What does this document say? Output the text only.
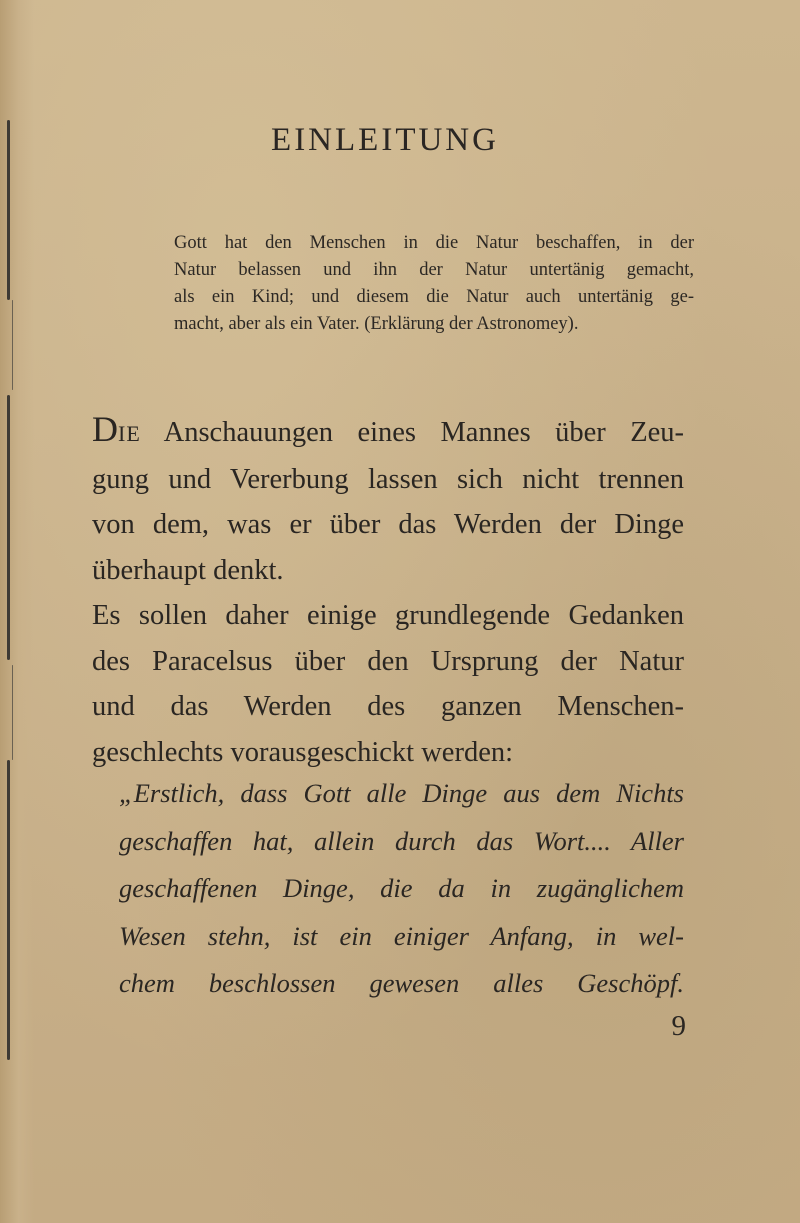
EINLEITUNG
Gott hat den Menschen in die Natur beschaffen, in der
Natur belassen und ihn der Natur untertänig gemacht,
als ein Kind; und diesem die Natur auch untertänig ge-
macht, aber als ein Vater. (Erklärung der Astronomey).
DIE Anschauungen eines Mannes über Zeu-
gung und Vererbung lassen sich nicht trennen
von dem, was er über das Werden der Dinge
überhaupt denkt.
Es sollen daher einige grundlegende Gedanken
des Paracelsus über den Ursprung der Natur
und das Werden des ganzen Menschen-
geschlechts vorausgeschickt werden:
„Erstlich, dass Gott alle Dinge aus dem Nichts
geschaffen hat, allein durch das Wort.... Aller
geschaffenen Dinge, die da in zugänglichem
Wesen stehn, ist ein einiger Anfang, in wel-
chem beschlossen gewesen alles Geschöpf.
9
